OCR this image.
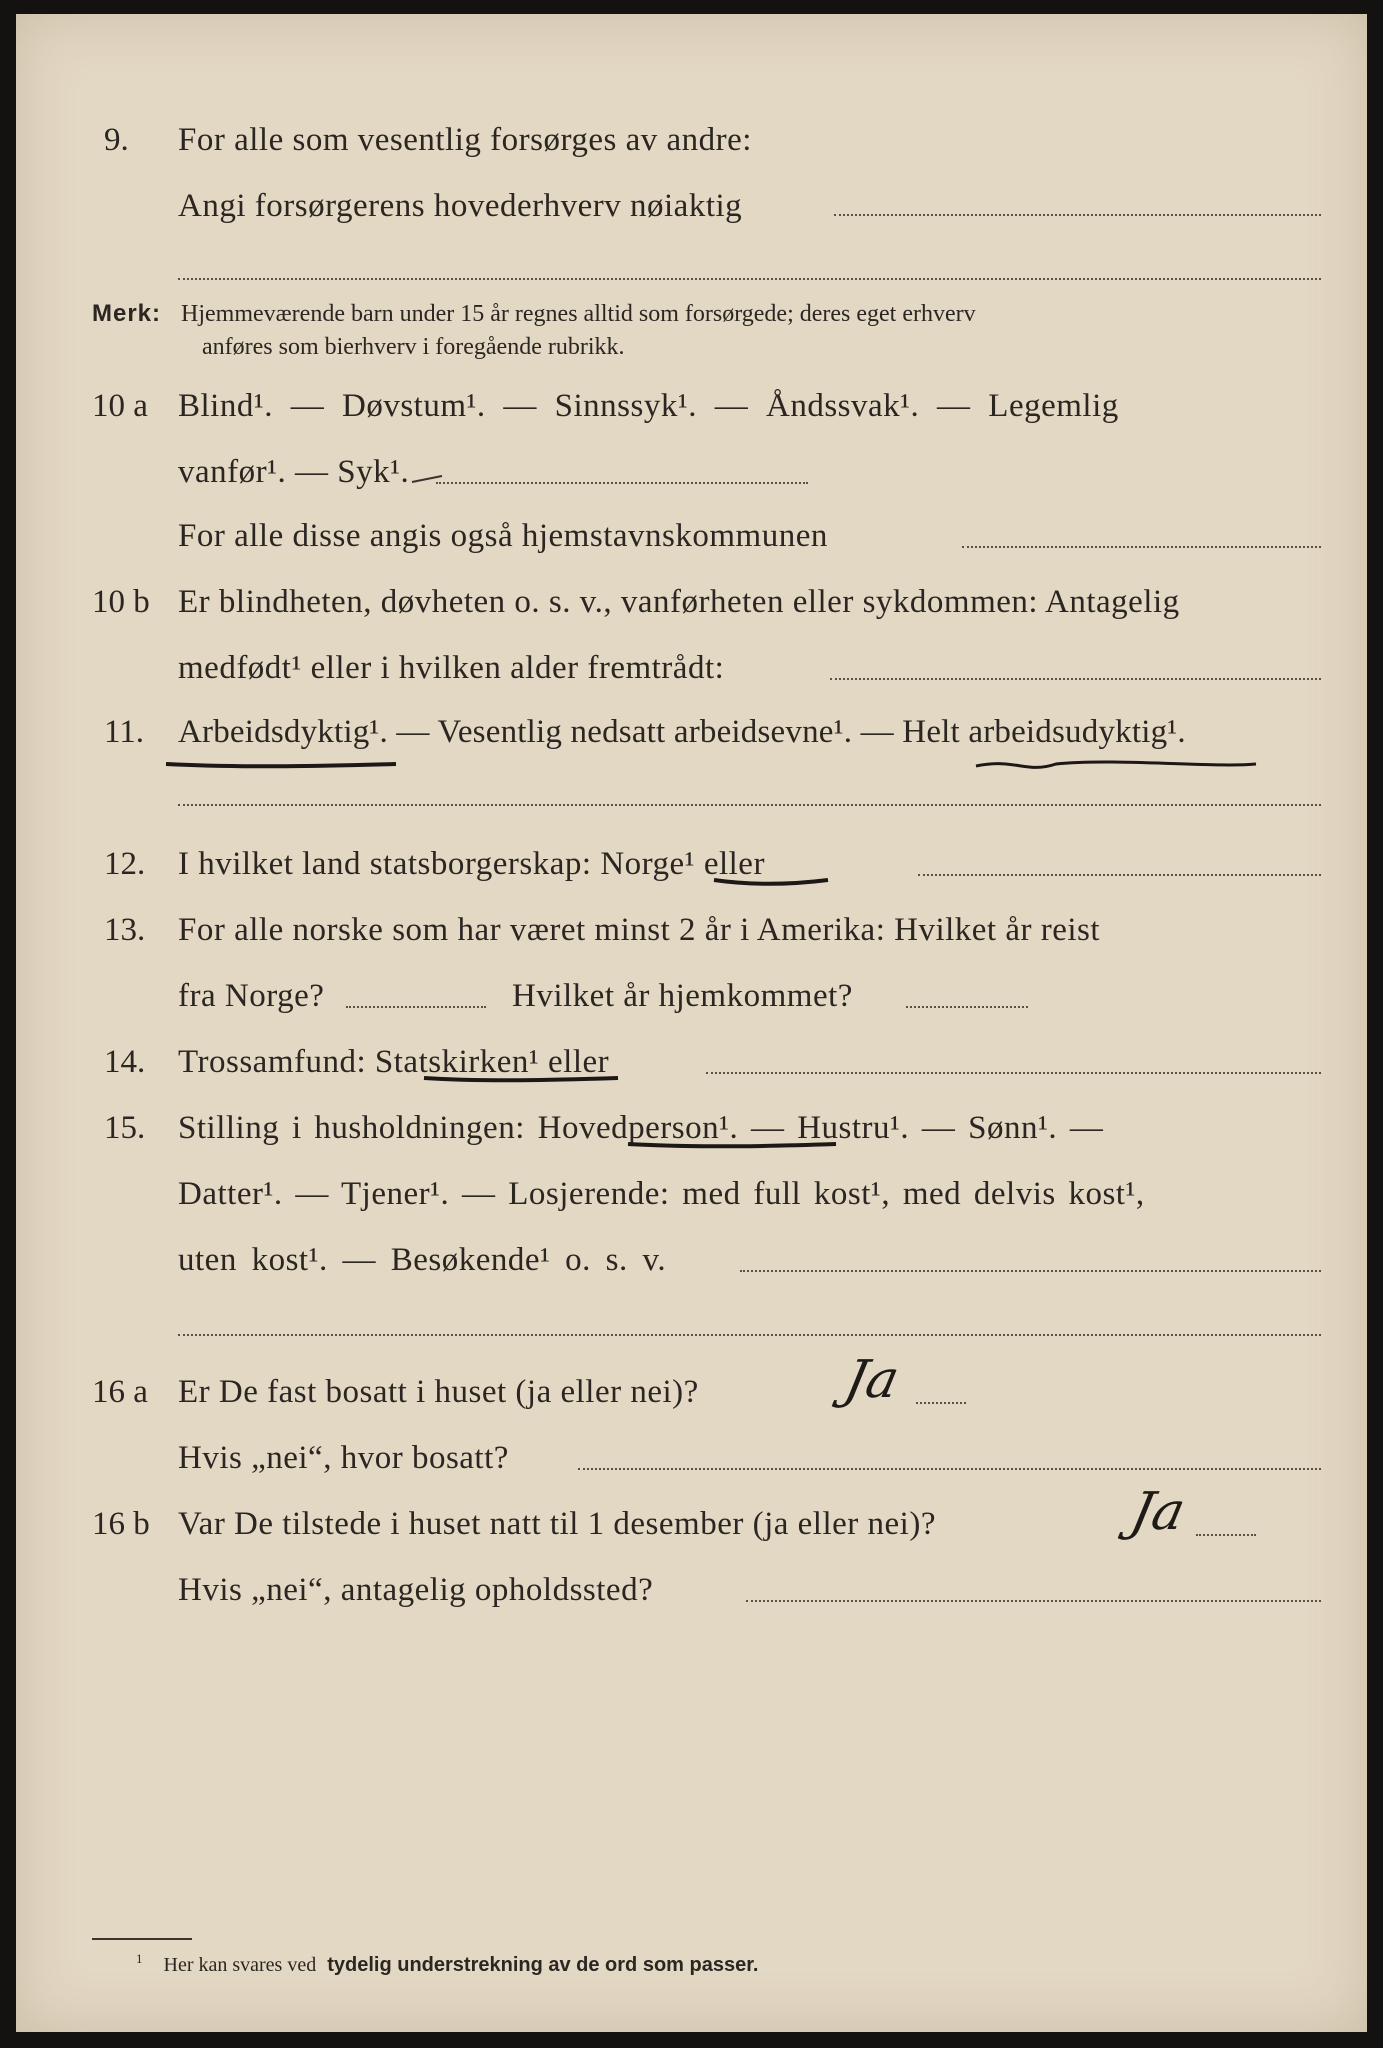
9. For alle som vesentlig forsørges av andre:
Angi forsørgerens hovederhverv nøiaktig
Merk: Hjemmeværende barn under 15 år regnes alltid som forsørgede; deres eget erhverv
anføres som bierhverv i foregående rubrikk.
10 a Blind¹. — Døvstum¹. — Sinnssyk¹. — Åndssvak¹. — Legemlig
vanfør¹. — Syk¹.
For alle disse angis også hjemstavnskommunen
10 b Er blindheten, døvheten o. s. v., vanførheten eller sykdommen: Antagelig
medfødt¹ eller i hvilken alder fremtrådt:
11. Arbeidsdyktig¹. — Vesentlig nedsatt arbeidsevne¹. — Helt arbeidsudyktig¹.
12. I hvilket land statsborgerskap: Norge¹ eller
13. For alle norske som har været minst 2 år i Amerika: Hvilket år reist
fra Norge?	Hvilket år hjemkommet?
14. Trossamfund: Statskirken¹ eller
15. Stilling i husholdningen: Hovedperson¹. — Hustru¹. — Sønn¹. —
Datter¹. — Tjener¹. — Losjerende: med full kost¹, med delvis kost¹,
uten kost¹. — Besøkende¹ o. s. v.
16 a Er De fast bosatt i huset (ja eller nei)?	Ja
Hvis „nei“, hvor bosatt?
16 b Var De tilstede i huset natt til 1 desember (ja eller nei)?	Ja
Hvis „nei“, antagelig opholdssted?
$^1$ Her kan svares ved tydelig understrekning av de ord som passer.
